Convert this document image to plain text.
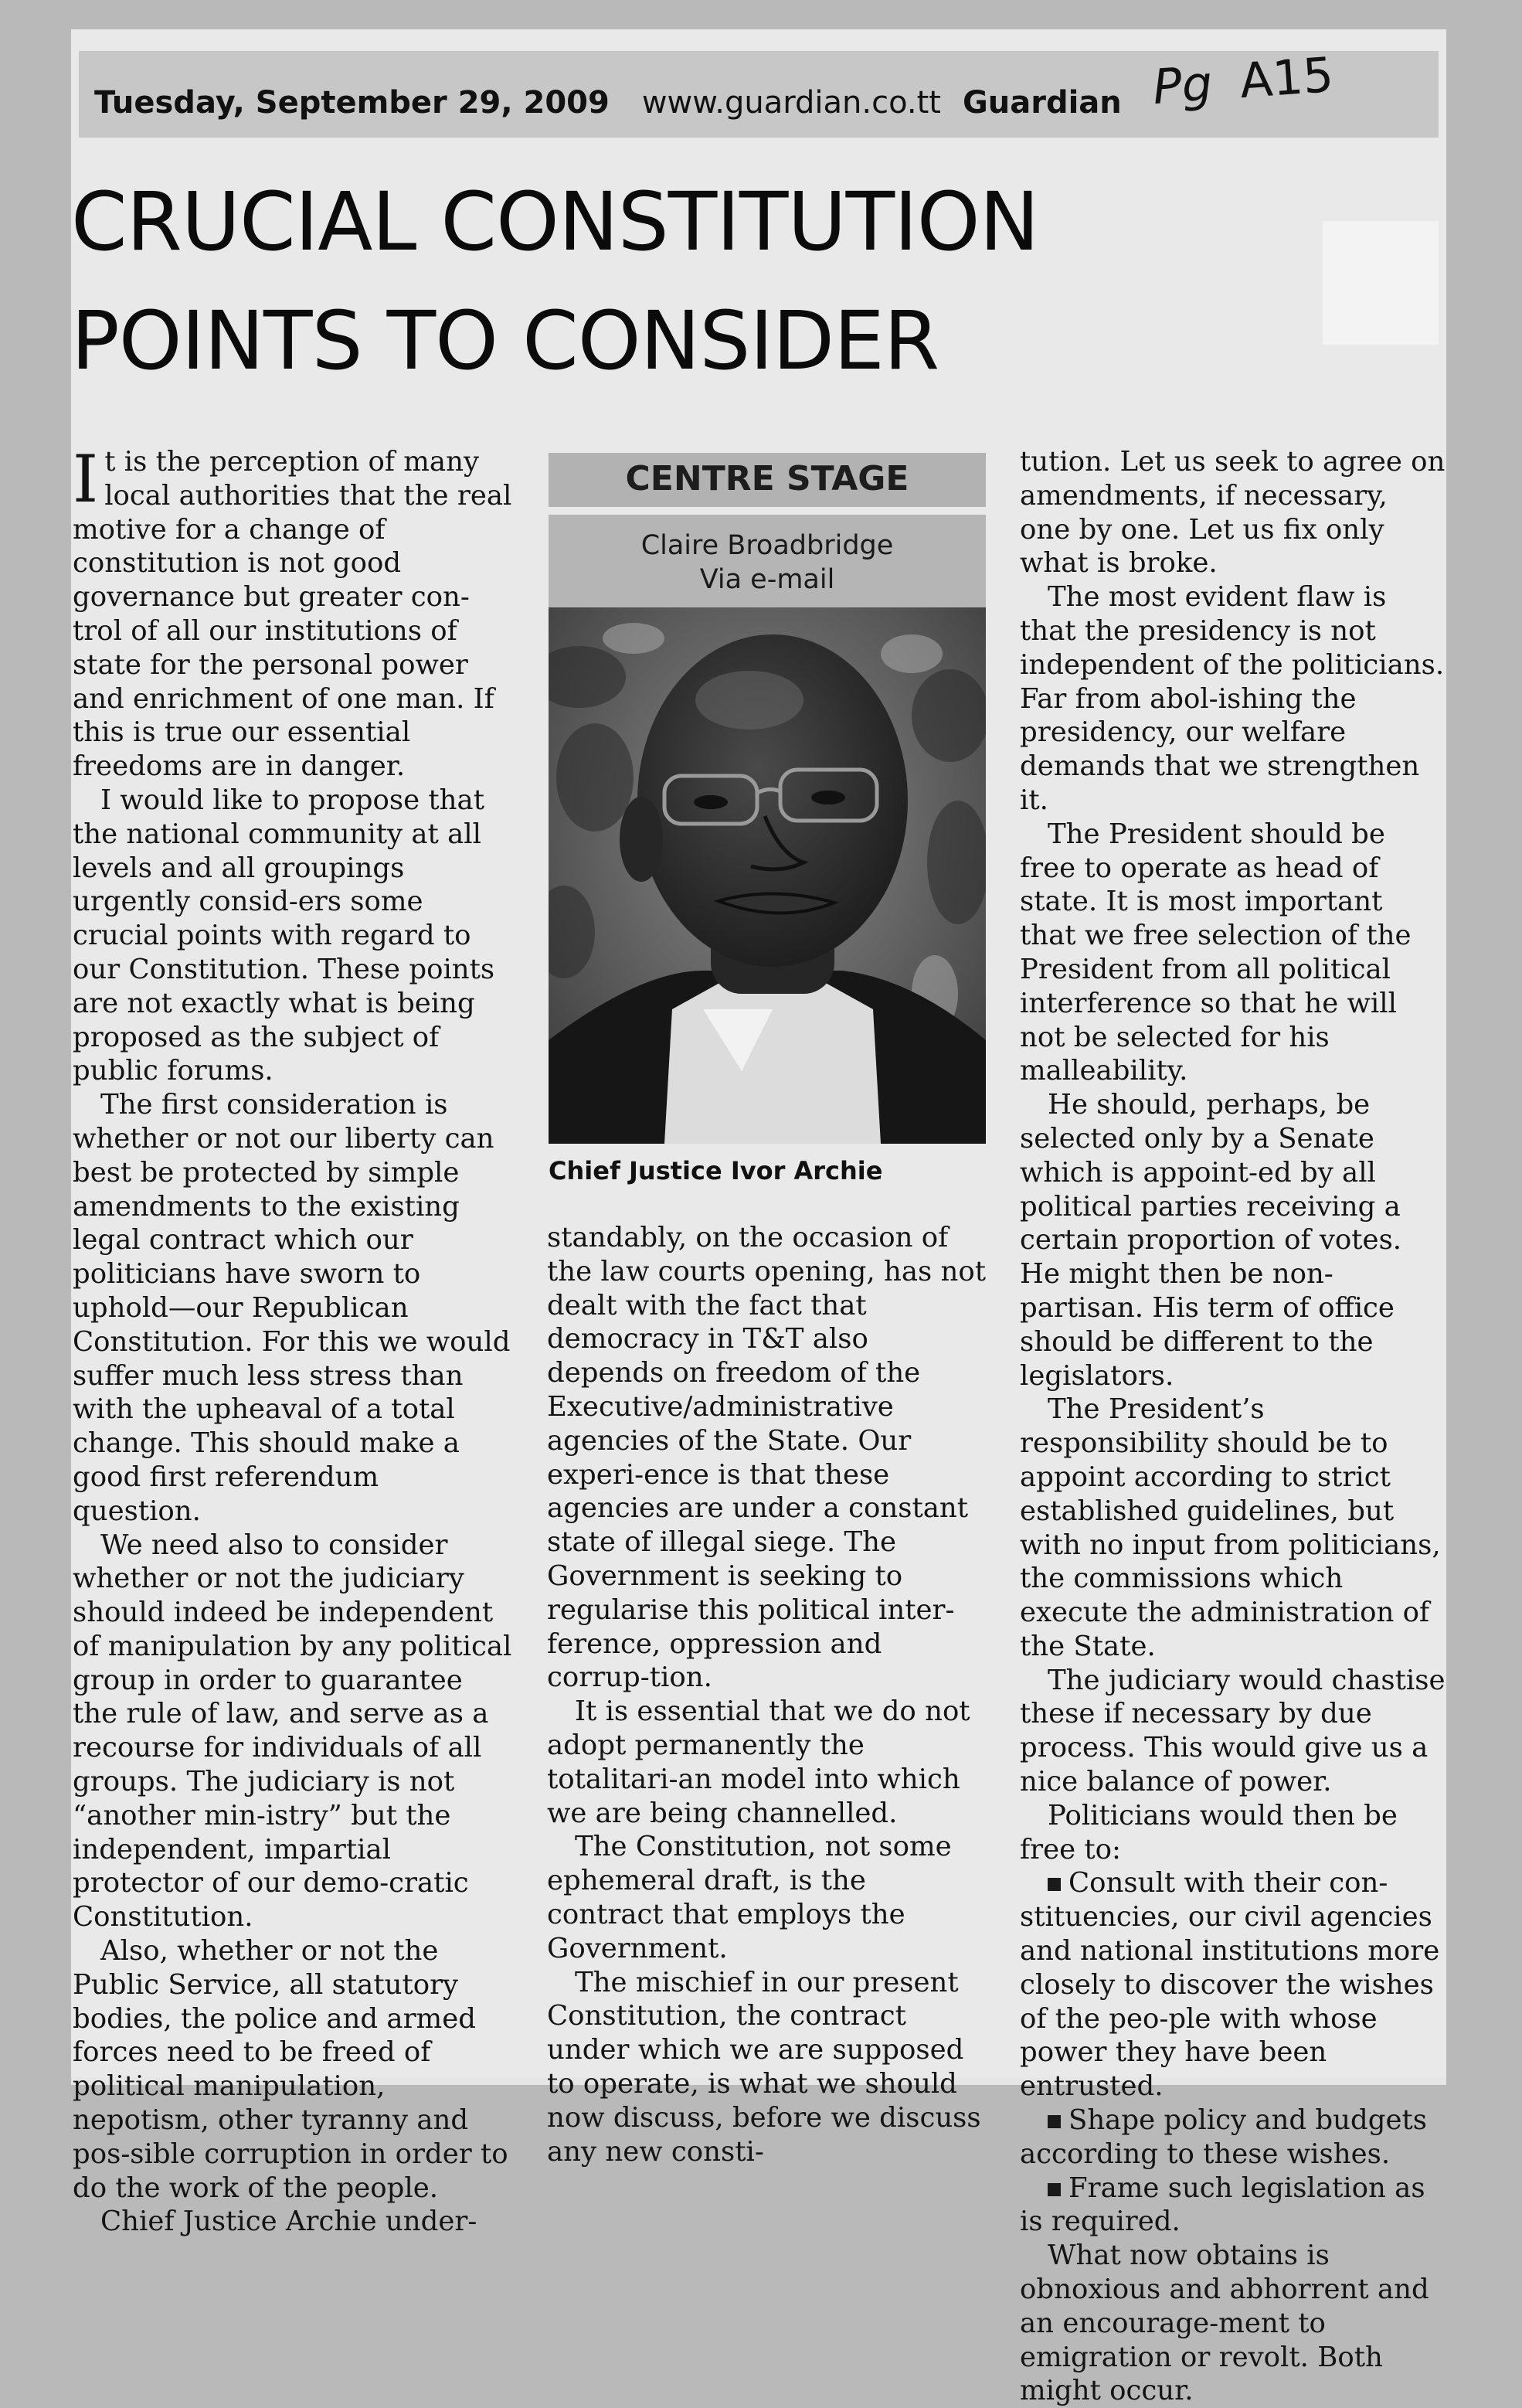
Tuesday, September 29, 2009 www.guardian.co.tt Guardian Pg A15
CRUCIAL CONSTITUTION
POINTS TO CONSIDER

It is the perception of many local authorities that the real motive for a change of constitution is not good governance but greater con-trol of all our institutions of state for the personal power and enrichment of one man. If this is true our essential freedoms are in danger.

I would like to propose that the national community at all levels and all groupings urgently consid-ers some crucial points with regard to our Constitution. These points are not exactly what is being proposed as the subject of public forums.

The first consideration is whether or not our liberty can best be protected by simple amendments to the existing legal contract which our politicians have sworn to uphold—our Republican Constitution. For this we would suffer much less stress than with the upheaval of a total change. This should make a good first referendum question.

We need also to consider whether or not the judiciary should indeed be independent of manipulation by any political group in order to guarantee the rule of law, and serve as a recourse for individuals of all groups. The judiciary is not “another min-istry” but the independent, impartial protector of our demo-cratic Constitution.

Also, whether or not the Public Service, all statutory bodies, the police and armed forces need to be freed of political manipulation, nepotism, other tyranny and pos-sible corruption in order to do the work of the people.

Chief Justice Archie under-

CENTRE STAGE
Claire Broadbridge
Via e-mail
Chief Justice Ivor Archie

standably, on the occasion of the law courts opening, has not dealt with the fact that democracy in T&T also depends on freedom of the Executive/administrative agencies of the State. Our experi-ence is that these agencies are under a constant state of illegal siege. The Government is seeking to regularise this political inter-ference, oppression and corrup-tion.

It is essential that we do not adopt permanently the totalitari-an model into which we are being channelled.

The Constitution, not some ephemeral draft, is the contract that employs the Government.

The mischief in our present Constitution, the contract under which we are supposed to operate, is what we should now discuss, before we discuss any new consti-

tution. Let us seek to agree on amendments, if necessary, one by one. Let us fix only what is broke.

The most evident flaw is that the presidency is not independent of the politicians. Far from abol-ishing the presidency, our welfare demands that we strengthen it.

The President should be free to operate as head of state. It is most important that we free selection of the President from all political interference so that he will not be selected for his malleability.

He should, perhaps, be selected only by a Senate which is appoint-ed by all political parties receiving a certain proportion of votes. He might then be non-partisan. His term of office should be different to the legislators.

The President’s responsibility should be to appoint according to strict established guidelines, but with no input from politicians, the commissions which execute the administration of the State.

The judiciary would chastise these if necessary by due process. This would give us a nice balance of power.

Politicians would then be free to:

Consult with their con-stituencies, our civil agencies and national institutions more closely to discover the wishes of the peo-ple with whose power they have been entrusted.

Shape policy and budgets according to these wishes.

Frame such legislation as is required.

What now obtains is obnoxious and abhorrent and an encourage-ment to emigration or revolt. Both might occur.
